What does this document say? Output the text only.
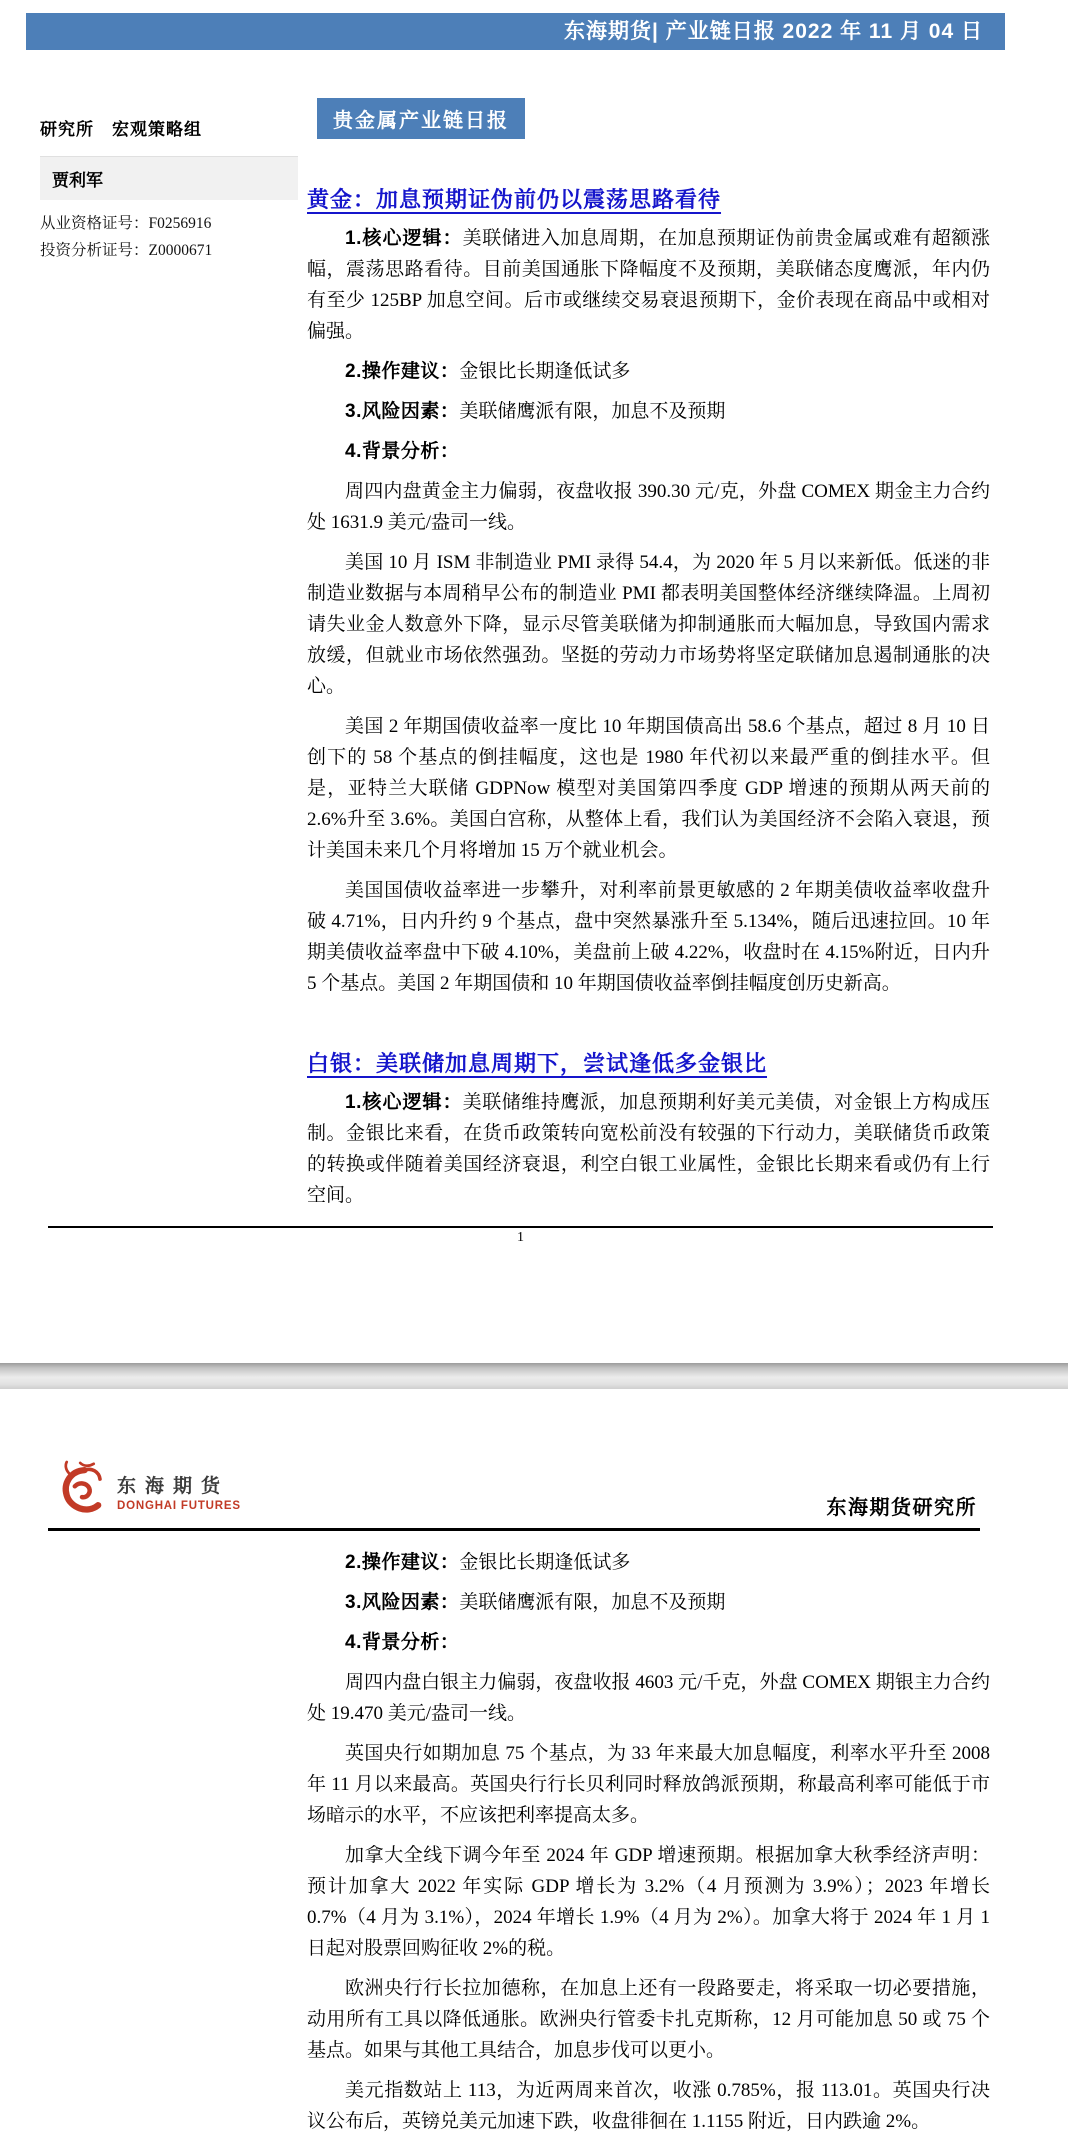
东海期货| 产业链日报 2022 年 11 月 04 日
研究所　宏观策略组
贾利军
从业资格证号：F0256916
投资分析证号：Z0000671
贵金属产业链日报
黄金：加息预期证伪前仍以震荡思路看待

1.核心逻辑：美联储进入加息周期，在加息预期证伪前贵金属或难有超额涨幅，震荡思路看待。目前美国通胀下降幅度不及预期，美联储态度鹰派，年内仍有至少 125BP 加息空间。后市或继续交易衰退预期下，金价表现在商品中或相对偏强。

2.操作建议：金银比长期逢低试多

3.风险因素：美联储鹰派有限，加息不及预期

4.背景分析：

周四内盘黄金主力偏弱，夜盘收报 390.30 元/克，外盘 COMEX 期金主力合约处 1631.9 美元/盎司一线。

美国 10 月 ISM 非制造业 PMI 录得 54.4，为 2020 年 5 月以来新低。低迷的非制造业数据与本周稍早公布的制造业 PMI 都表明美国整体经济继续降温。上周初请失业金人数意外下降，显示尽管美联储为抑制通胀而大幅加息，导致国内需求放缓，但就业市场依然强劲。坚挺的劳动力市场势将坚定联储加息遏制通胀的决心。

美国 2 年期国债收益率一度比 10 年期国债高出 58.6 个基点，超过 8 月 10 日创下的 58 个基点的倒挂幅度，这也是 1980 年代初以来最严重的倒挂水平。但是，亚特兰大联储 GDPNow 模型对美国第四季度 GDP 增速的预期从两天前的 2.6%升至 3.6%。美国白宫称，从整体上看，我们认为美国经济不会陷入衰退，预计美国未来几个月将增加 15 万个就业机会。

美国国债收益率进一步攀升，对利率前景更敏感的 2 年期美债收益率收盘升破 4.71%，日内升约 9 个基点，盘中突然暴涨升至 5.134%，随后迅速拉回。10 年期美债收益率盘中下破 4.10%，美盘前上破 4.22%，收盘时在 4.15%附近，日内升 5 个基点。美国 2 年期国债和 10 年期国债收益率倒挂幅度创历史新高。

白银：美联储加息周期下，尝试逢低多金银比

1.核心逻辑：美联储维持鹰派，加息预期利好美元美债，对金银上方构成压制。金银比来看，在货币政策转向宽松前没有较强的下行动力，美联储货币政策的转换或伴随着美国经济衰退，利空白银工业属性，金银比长期来看或仍有上行空间。

1
东海期货
DONGHAI FUTURES	东海期货研究所

2.操作建议：金银比长期逢低试多

3.风险因素：美联储鹰派有限，加息不及预期

4.背景分析：

周四内盘白银主力偏弱，夜盘收报 4603 元/千克，外盘 COMEX 期银主力合约处 19.470 美元/盎司一线。

英国央行如期加息 75 个基点，为 33 年来最大加息幅度，利率水平升至 2008 年 11 月以来最高。英国央行行长贝利同时释放鸽派预期，称最高利率可能低于市场暗示的水平，不应该把利率提高太多。

加拿大全线下调今年至 2024 年 GDP 增速预期。根据加拿大秋季经济声明：预计加拿大 2022 年实际 GDP 增长为 3.2%（4 月预测为 3.9%）；2023 年增长 0.7%（4 月为 3.1%），2024 年增长 1.9%（4 月为 2%）。加拿大将于 2024 年 1 月 1 日起对股票回购征收 2%的税。

欧洲央行行长拉加德称，在加息上还有一段路要走，将采取一切必要措施，动用所有工具以降低通胀。欧洲央行管委卡扎克斯称，12 月可能加息 50 或 75 个基点。如果与其他工具结合，加息步伐可以更小。

美元指数站上 113，为近两周来首次，收涨 0.785%，报 113.01。英国央行决议公布后，英镑兑美元加速下跌，收盘徘徊在 1.1155 附近，日内跌逾 2%。
